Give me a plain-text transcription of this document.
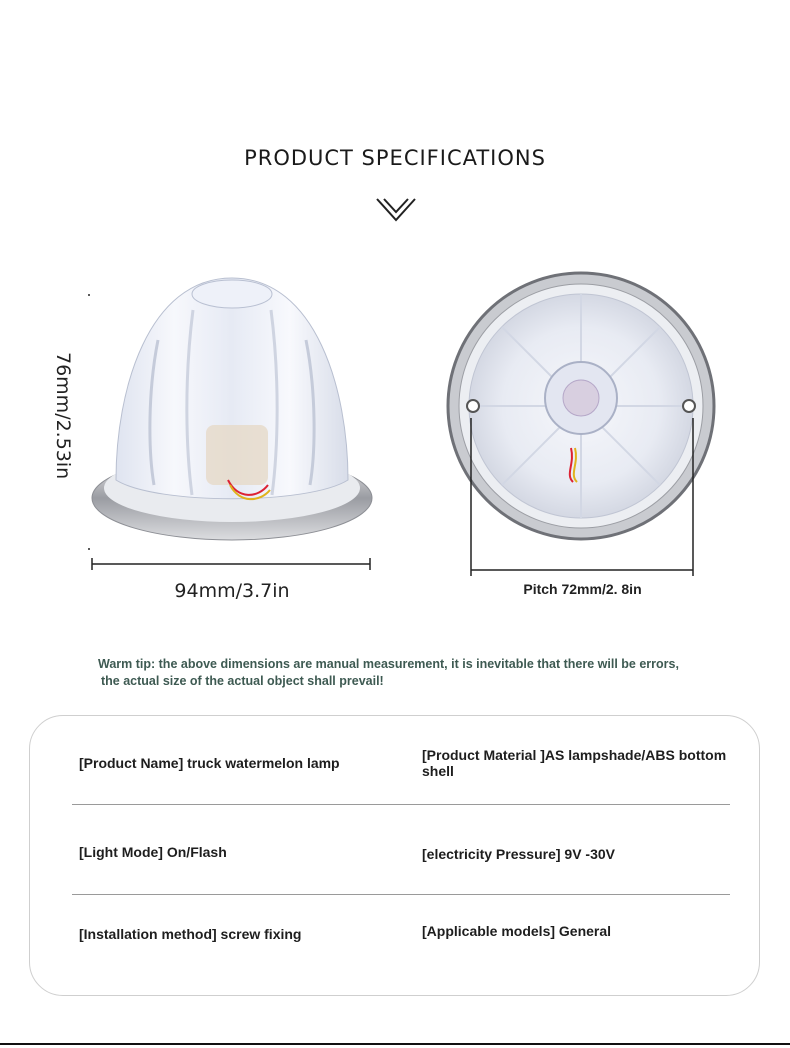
PRODUCT SPECIFICATIONS
76mm/2.53in
94mm/3.7in	Pitch 72mm/2. 8in
Warm tip: the above dimensions are manual measurement, it is inevitable that there will be errors,
the actual size of the actual object shall prevail!
[Product Name] truck watermelon lamp	[Product Material ]AS lampshade/ABS bottom shell
[Light Mode] On/Flash	[electricity Pressure] 9V -30V
[Installation method] screw fixing	[Applicable models] General
